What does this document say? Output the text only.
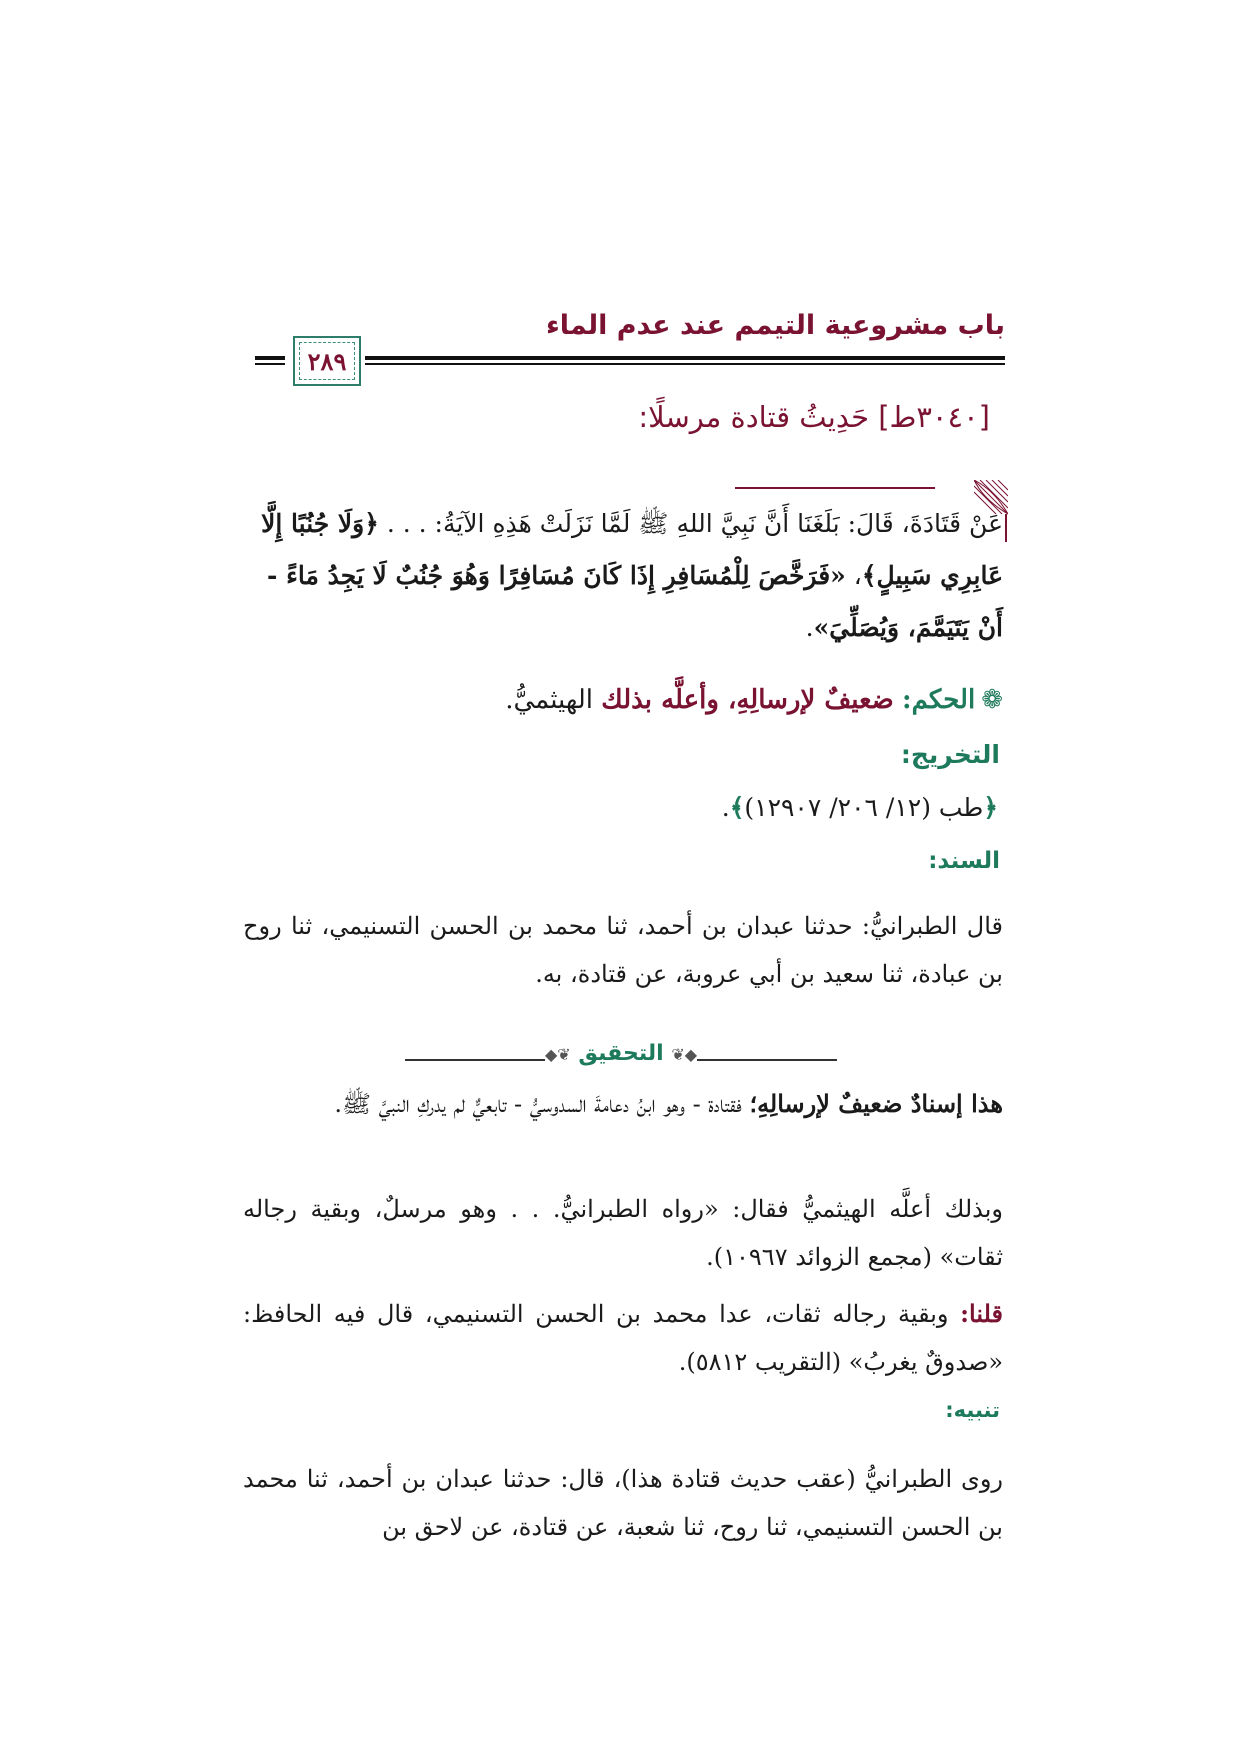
باب مشروعية التيمم عند عدم الماء
٢٨٩
[٣٠٤٠ط] حَدِيثُ قتادة مرسلًا:
عَنْ قَتَادَةَ، قَالَ: بَلَغَنَا أَنَّ نَبِيَّ اللهِ ﷺ لَمَّا نَزَلَتْ هَذِهِ الآيَةُ: . . . ﴿وَلَا جُنُبًا إِلَّا عَابِرِي سَبِيلٍ﴾، «فَرَخَّصَ لِلْمُسَافِرِ إِذَا كَانَ مُسَافِرًا وَهُوَ جُنُبٌ لَا يَجِدُ مَاءً - أَنْ يَتَيَمَّمَ، وَيُصَلِّيَ».
❁الحكم: ضعيفٌ لإرسالِهِ، وأعلَّه بذلك الهيثميُّ.
التخريج:
﴿طب (١٢/ ٢٠٦/ ١٢٩٠٧)﴾.
السند:
قال الطبرانيُّ: حدثنا عبدان بن أحمد، ثنا محمد بن الحسن التسنيمي، ثنا روح بن عبادة، ثنا سعيد بن أبي عروبة، عن قتادة، به.
◆❦ التحقيق ❦◆
هذا إسنادٌ ضعيفٌ لإرسالِهِ؛ فقتادة - وهو ابنُ دعامةَ السدوسيُّ - تابعيٌّ لم يدركِ النبيَّ ﷺ.
وبذلك أعلَّه الهيثميُّ فقال: «رواه الطبرانيُّ. . . وهو مرسلٌ، وبقية رجاله ثقات» (مجمع الزوائد ١٠٩٦٧).
قلنا: وبقية رجاله ثقات، عدا محمد بن الحسن التسنيمي، قال فيه الحافظ: «صدوقٌ يغربُ» (التقريب ٥٨١٢).
تنبيه:
روى الطبرانيُّ (عقب حديث قتادة هذا)، قال: حدثنا عبدان بن أحمد، ثنا محمد بن الحسن التسنيمي، ثنا روح، ثنا شعبة، عن قتادة، عن لاحق بن
